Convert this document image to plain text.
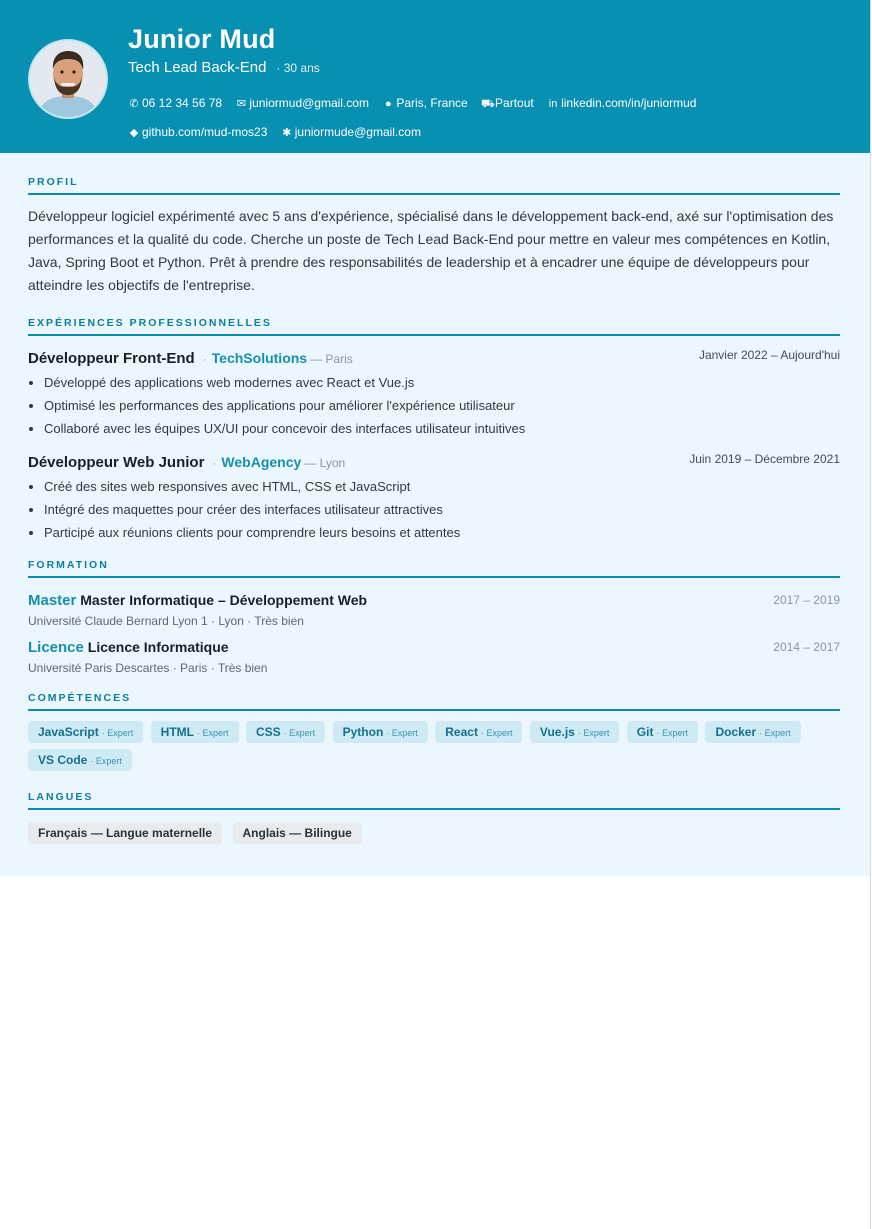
Junior Mud
Tech Lead Back-End · 30 ans
✆ 06 12 34 56 78 ✉ juniormud@gmail.com ● Paris, France ⛟Partout in linkedin.com/in/juniormud ◆ github.com/mud-mos23 ✱ juniormude@gmail.com
PROFIL

Développeur logiciel expérimenté avec 5 ans d'expérience, spécialisé dans le développement back-end, axé sur l'optimisation des performances et la qualité du code. Cherche un poste de Tech Lead Back-End pour mettre en valeur mes compétences en Kotlin, Java, Spring Boot et Python. Prêt à prendre des responsabilités de leadership et à encadrer une équipe de développeurs pour atteindre les objectifs de l'entreprise.

EXPÉRIENCES PROFESSIONNELLES
Développeur Front-End · TechSolutions — Paris	Janvier 2022 – Aujourd'hui
• Développé des applications web modernes avec React et Vue.js
• Optimisé les performances des applications pour améliorer l'expérience utilisateur
• Collaboré avec les équipes UX/UI pour concevoir des interfaces utilisateur intuitives
Développeur Web Junior · WebAgency — Lyon	Juin 2019 – Décembre 2021
• Créé des sites web responsives avec HTML, CSS et JavaScript
• Intégré des maquettes pour créer des interfaces utilisateur attractives
• Participé aux réunions clients pour comprendre leurs besoins et attentes
FORMATION
Master Master Informatique – Développement Web	2017 – 2019
Université Claude Bernard Lyon 1 · Lyon · Très bien
Licence Licence Informatique	2014 – 2017
Université Paris Descartes · Paris · Très bien
COMPÉTENCES
JavaScript · Expert HTML · Expert CSS · Expert Python · Expert React · Expert Vue.js · Expert Git · Expert Docker · Expert VS Code · Expert
LANGUES
Français — Langue maternelle	Anglais — Bilingue
